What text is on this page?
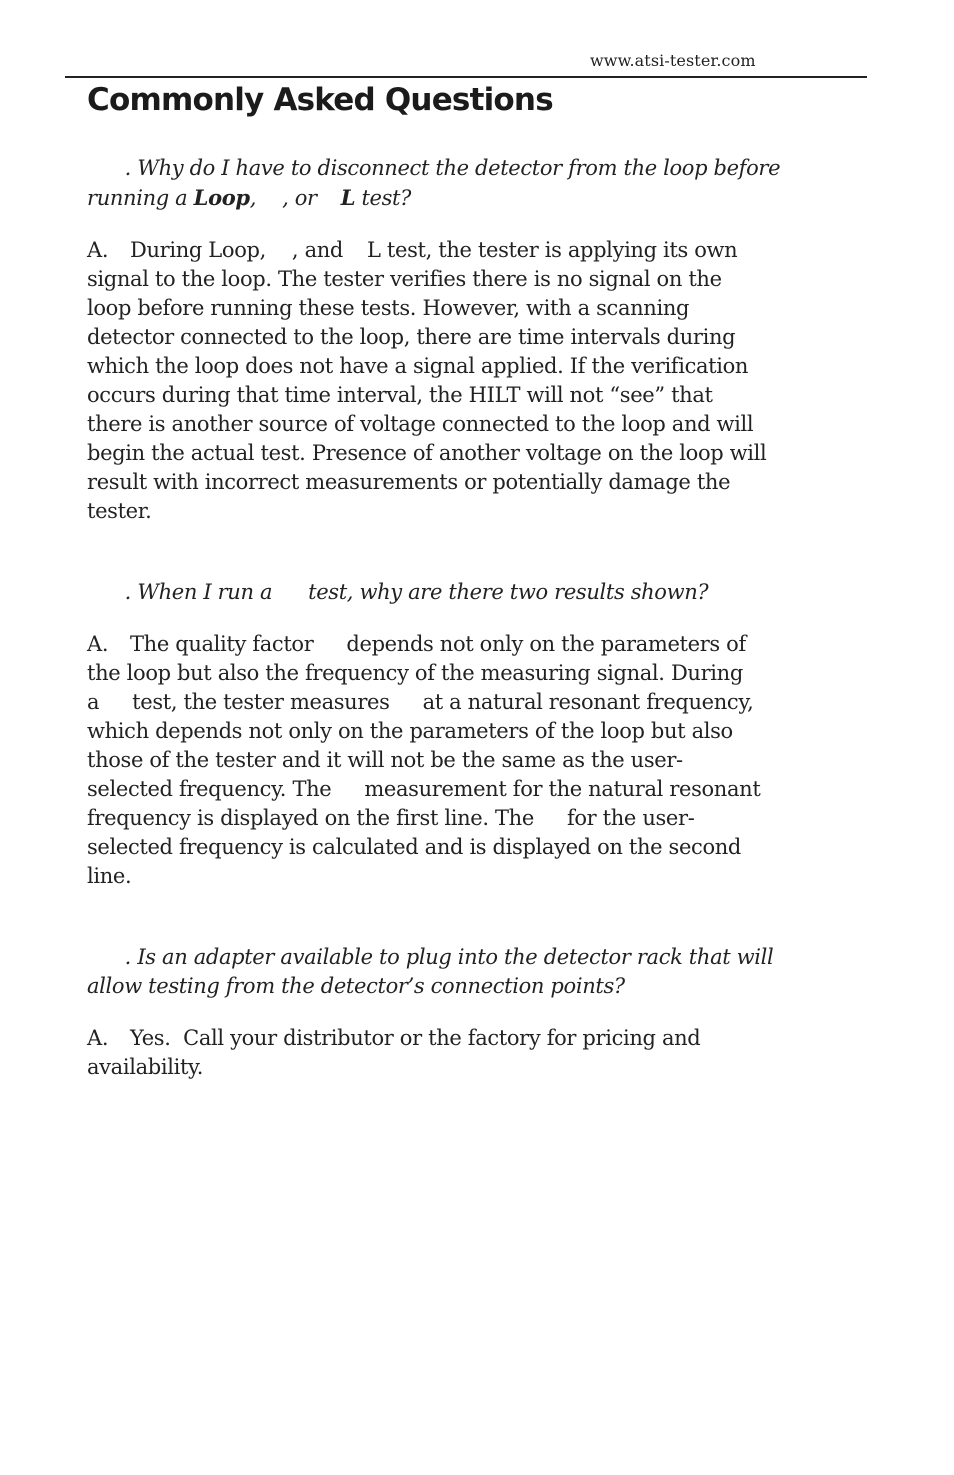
www.atsi-tester.com
Commonly Asked Questions

. Why do I have to disconnect the detector from the loop before
running a Loop, , or L test?

A. During Loop, , and L test, the tester is applying its own
signal to the loop. The tester verifies there is no signal on the
loop before running these tests. However, with a scanning
detector connected to the loop, there are time intervals during
which the loop does not have a signal applied. If the verification
occurs during that time interval, the HILT will not “see” that
there is another source of voltage connected to the loop and will
begin the actual test. Presence of another voltage on the loop will
result with incorrect measurements or potentially damage the
tester.

. When I run a test, why are there two results shown?

A. The quality factor depends not only on the parameters of
the loop but also the frequency of the measuring signal. During
a test, the tester measures at a natural resonant frequency,
which depends not only on the parameters of the loop but also
those of the tester and it will not be the same as the user-
selected frequency. The measurement for the natural resonant
frequency is displayed on the first line. The for the user-
selected frequency is calculated and is displayed on the second
line.

. Is an adapter available to plug into the detector rack that will
allow testing from the detector’s connection points?

A. Yes.  Call your distributor or the factory for pricing and
availability.
